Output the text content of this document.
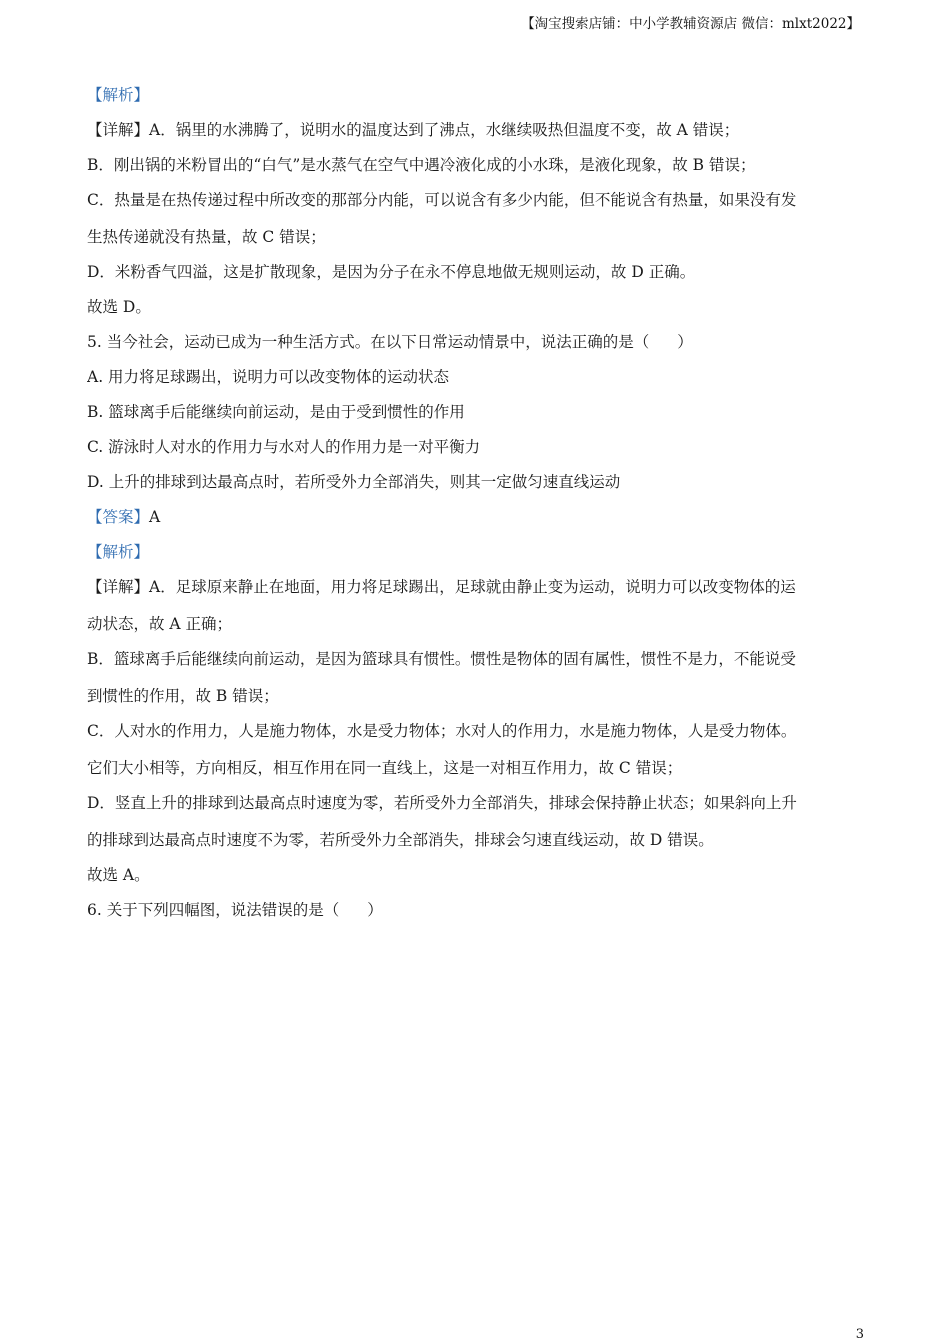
【淘宝搜索店铺：中小学教辅资源店 微信：mlxt2022】
【解析】
【详解】A．锅里的水沸腾了，说明水的温度达到了沸点，水继续吸热但温度不变，故 A 错误；
B．刚出锅的米粉冒出的“白气”是水蒸气在空气中遇冷液化成的小水珠，是液化现象，故 B 错误；
C．热量是在热传递过程中所改变的那部分内能，可以说含有多少内能，但不能说含有热量，如果没有发
生热传递就没有热量，故 C 错误；
D．米粉香气四溢，这是扩散现象，是因为分子在永不停息地做无规则运动，故 D 正确。
故选 D。
5. 当今社会，运动已成为一种生活方式。在以下日常运动情景中，说法正确的是（ ）
A. 用力将足球踢出，说明力可以改变物体的运动状态
B. 篮球离手后能继续向前运动，是由于受到惯性的作用
C. 游泳时人对水的作用力与水对人的作用力是一对平衡力
D. 上升的排球到达最高点时，若所受外力全部消失，则其一定做匀速直线运动
【答案】A
【解析】
【详解】A．足球原来静止在地面，用力将足球踢出，足球就由静止变为运动，说明力可以改变物体的运
动状态，故 A 正确；
B．篮球离手后能继续向前运动，是因为篮球具有惯性。惯性是物体的固有属性，惯性不是力，不能说受
到惯性的作用，故 B 错误；
C．人对水的作用力，人是施力物体，水是受力物体；水对人的作用力，水是施力物体，人是受力物体。
它们大小相等，方向相反，相互作用在同一直线上，这是一对相互作用力，故 C 错误；
D．竖直上升的排球到达最高点时速度为零，若所受外力全部消失，排球会保持静止状态；如果斜向上升
的排球到达最高点时速度不为零，若所受外力全部消失，排球会匀速直线运动，故 D 错误。
故选 A。
6. 关于下列四幅图，说法错误的是（ ）
3
